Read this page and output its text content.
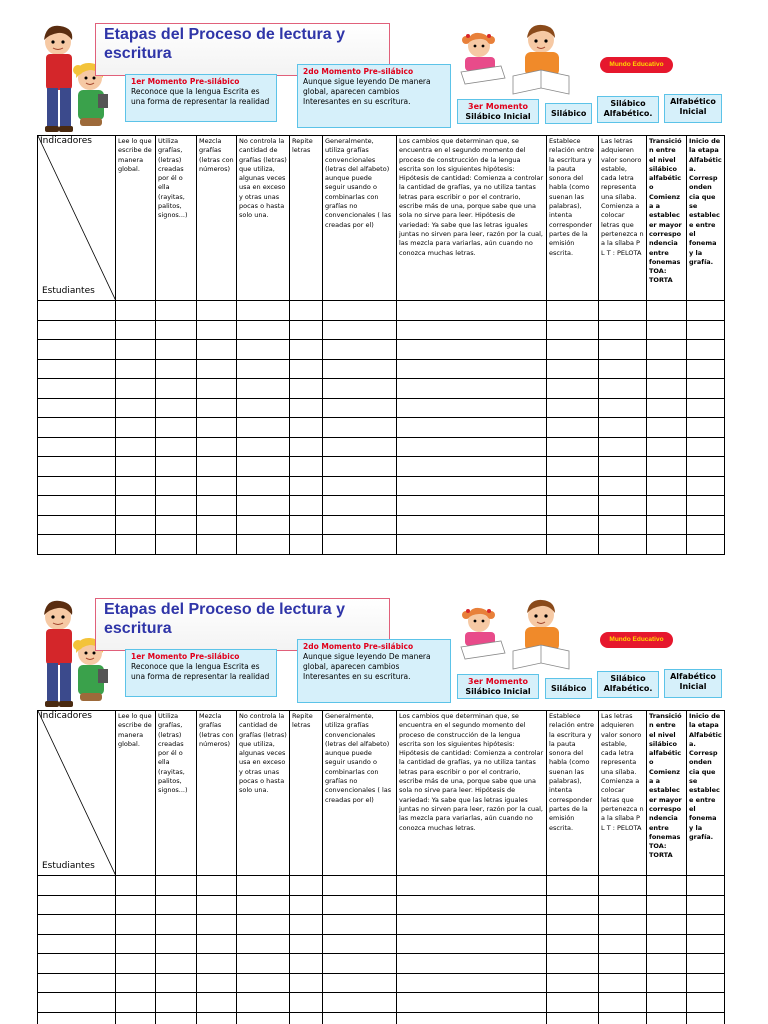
Etapas del Proceso de lectura y escritura
Mundo Educativo
1er Momento Pre-silábico
Reconoce que la lengua Escrita es una forma de representar la realidad
2do Momento Pre-silábico
Aunque sigue leyendo De manera global, aparecen cambios Interesantes en su escritura.
3er Momento
Silábico Inicial	Silábico
Silábico Alfabético.
Alfabético Inicial
Indicadores
Estudiantes	Lee lo que escribe de manera global.	Utiliza grafías, (letras) creadas por él o ella (rayitas, palitos, signos...)	Mezcla grafías (letras con números)	No controla la cantidad de grafías (letras) que utiliza, algunas veces usa en exceso y otras unas pocas o hasta solo una.	Repite letras	Generalmente, utiliza grafías convencionales (letras del alfabeto) aunque puede seguir usando o combinarlas con grafías no convencionales ( las creadas por el)	Los cambios que determinan que, se encuentra en el segundo momento del proceso de construcción de la lengua escrita son los siguientes hipótesis: Hipótesis de cantidad: Comienza a controlar la cantidad de grafías, ya no utiliza tantas letras para escribir o por el contrario, escribe más de una, porque sabe que una sola no sirve para leer. Hipótesis de variedad: Ya sabe que las letras iguales juntas no sirven para leer, razón por la cual, las mezcla para variarlas, aún cuando no conozca muchas letras.	Establece relación entre la escritura y la pauta sonora del habla (como suenan las palabras), intenta corresponder partes de la emisión escrita.	Las letras adquieren valor sonoro estable, cada letra representa una sílaba. Comienza a colocar letras que pertenezca n a la sílaba P L T : PELOTA	Transición entre el nivel silábico alfabético Comienza a establecer mayor correspondencia entre fonemas TOA: TORTA	Inicio de la etapa Alfabética. Corresponden cia que se establece entre el fonema y la grafía.

Etapas del Proceso de lectura y escritura
Mundo Educativo
1er Momento Pre-silábico
Reconoce que la lengua Escrita es una forma de representar la realidad
2do Momento Pre-silábico
Aunque sigue leyendo De manera global, aparecen cambios Interesantes en su escritura.
3er Momento
Silábico Inicial	Silábico
Silábico Alfabético.
Alfabético Inicial
Indicadores
Estudiantes	Lee lo que escribe de manera global.	Utiliza grafías, (letras) creadas por él o ella (rayitas, palitos, signos...)	Mezcla grafías (letras con números)	No controla la cantidad de grafías (letras) que utiliza, algunas veces usa en exceso y otras unas pocas o hasta solo una.	Repite letras	Generalmente, utiliza grafías convencionales (letras del alfabeto) aunque puede seguir usando o combinarlas con grafías no convencionales ( las creadas por el)	Los cambios que determinan que, se encuentra en el segundo momento del proceso de construcción de la lengua escrita son los siguientes hipótesis: Hipótesis de cantidad: Comienza a controlar la cantidad de grafías, ya no utiliza tantas letras para escribir o por el contrario, escribe más de una, porque sabe que una sola no sirve para leer. Hipótesis de variedad: Ya sabe que las letras iguales juntas no sirven para leer, razón por la cual, las mezcla para variarlas, aún cuando no conozca muchas letras.	Establece relación entre la escritura y la pauta sonora del habla (como suenan las palabras), intenta corresponder partes de la emisión escrita.	Las letras adquieren valor sonoro estable, cada letra representa una sílaba. Comienza a colocar letras que pertenezca n a la sílaba P L T : PELOTA	Transición entre el nivel silábico alfabético Comienza a establecer mayor correspondencia entre fonemas TOA: TORTA	Inicio de la etapa Alfabética. Corresponden cia que se establece entre el fonema y la grafía.
